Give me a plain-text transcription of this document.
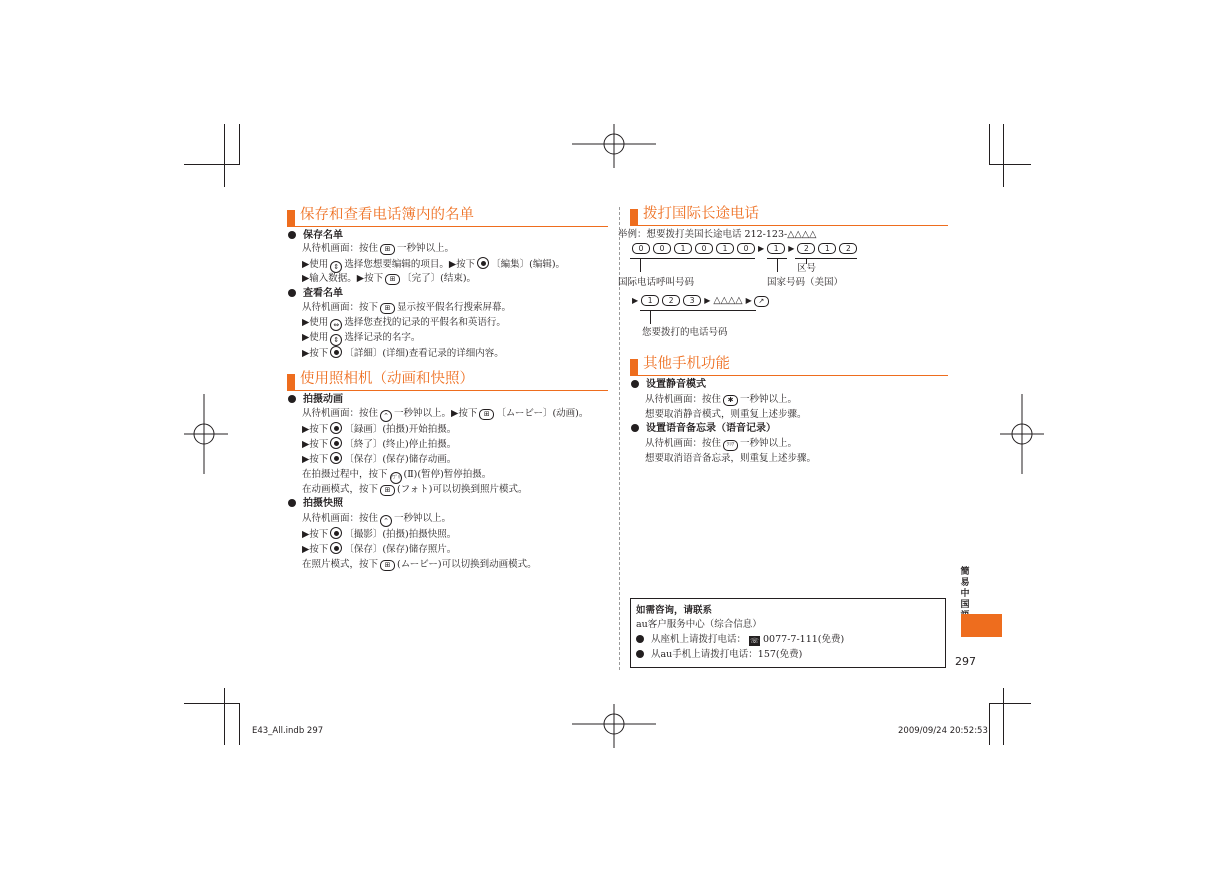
保存和查看电话簿内的名单
保存名单
从待机画面：按住 ⊞ 一秒钟以上。
▶使用 ⇕ 选择您想要编辑的项目。▶按下 〔編集〕(编辑)。
▶输入数据。▶按下 ⊞ 〔完了〕(结束)。
查看名单
从待机画面：按下 ⊞ 显示按平假名行搜索屏幕。
▶使用 ⇔ 选择您查找的记录的平假名和英语行。
▶使用 ⇕ 选择记录的名字。
▶按下 〔詳細〕(详细)查看记录的详细内容。
使用照相机（动画和快照）
拍摄动画
从待机画面：按住 ⌃ 一秒钟以上。▶按下 ⊞ 〔ムービー〕(动画)。
▶按下 〔録画〕(拍摄)开始拍摄。
▶按下 〔終了〕(终止)停止拍摄。
▶按下 〔保存〕(保存)储存动画。
在拍摄过程中，按下 ｱﾌﾟﾘ (Ⅱ)(暂停)暂停拍摄。
在动画模式，按下 ⊞ (フォト)可以切换到照片模式。
拍摄快照
从待机画面：按住 ⌃ 一秒钟以上。
▶按下 〔撮影〕(拍摄)拍摄快照。
▶按下 〔保存〕(保存)储存照片。
在照片模式，按下 ⊞ (ムービー)可以切换到动画模式。
拨打国际长途电话
举例：想要拨打美国长途电话 212-123-△△△△
0 0 1 0 1 0 ▶ 1 ▶ 2 1 2
区号
国际电话呼叫号码	国家号码（美国）
▶ 1 2 3 ▶ △△△△ ▶ ↗
您要拨打的电话号码
其他手机功能
设置静音模式
从待机画面：按住 ✱ 一秒钟以上。
想要取消静音模式，则重复上述步骤。
设置语音备忘录（语音记录）
从待机画面：按住 ｸﾘｱ 一秒钟以上。
想要取消语音备忘录，则重复上述步骤。
簡易中国
297
如需咨询，请联系
au客户服务中心（综合信息）
从座机上请拨打电话： ☏ 0077-7-111(免费)
从au手机上请拨打电话：157(免费)
E43_All.indb 297	2009/09/24 20:52:53
